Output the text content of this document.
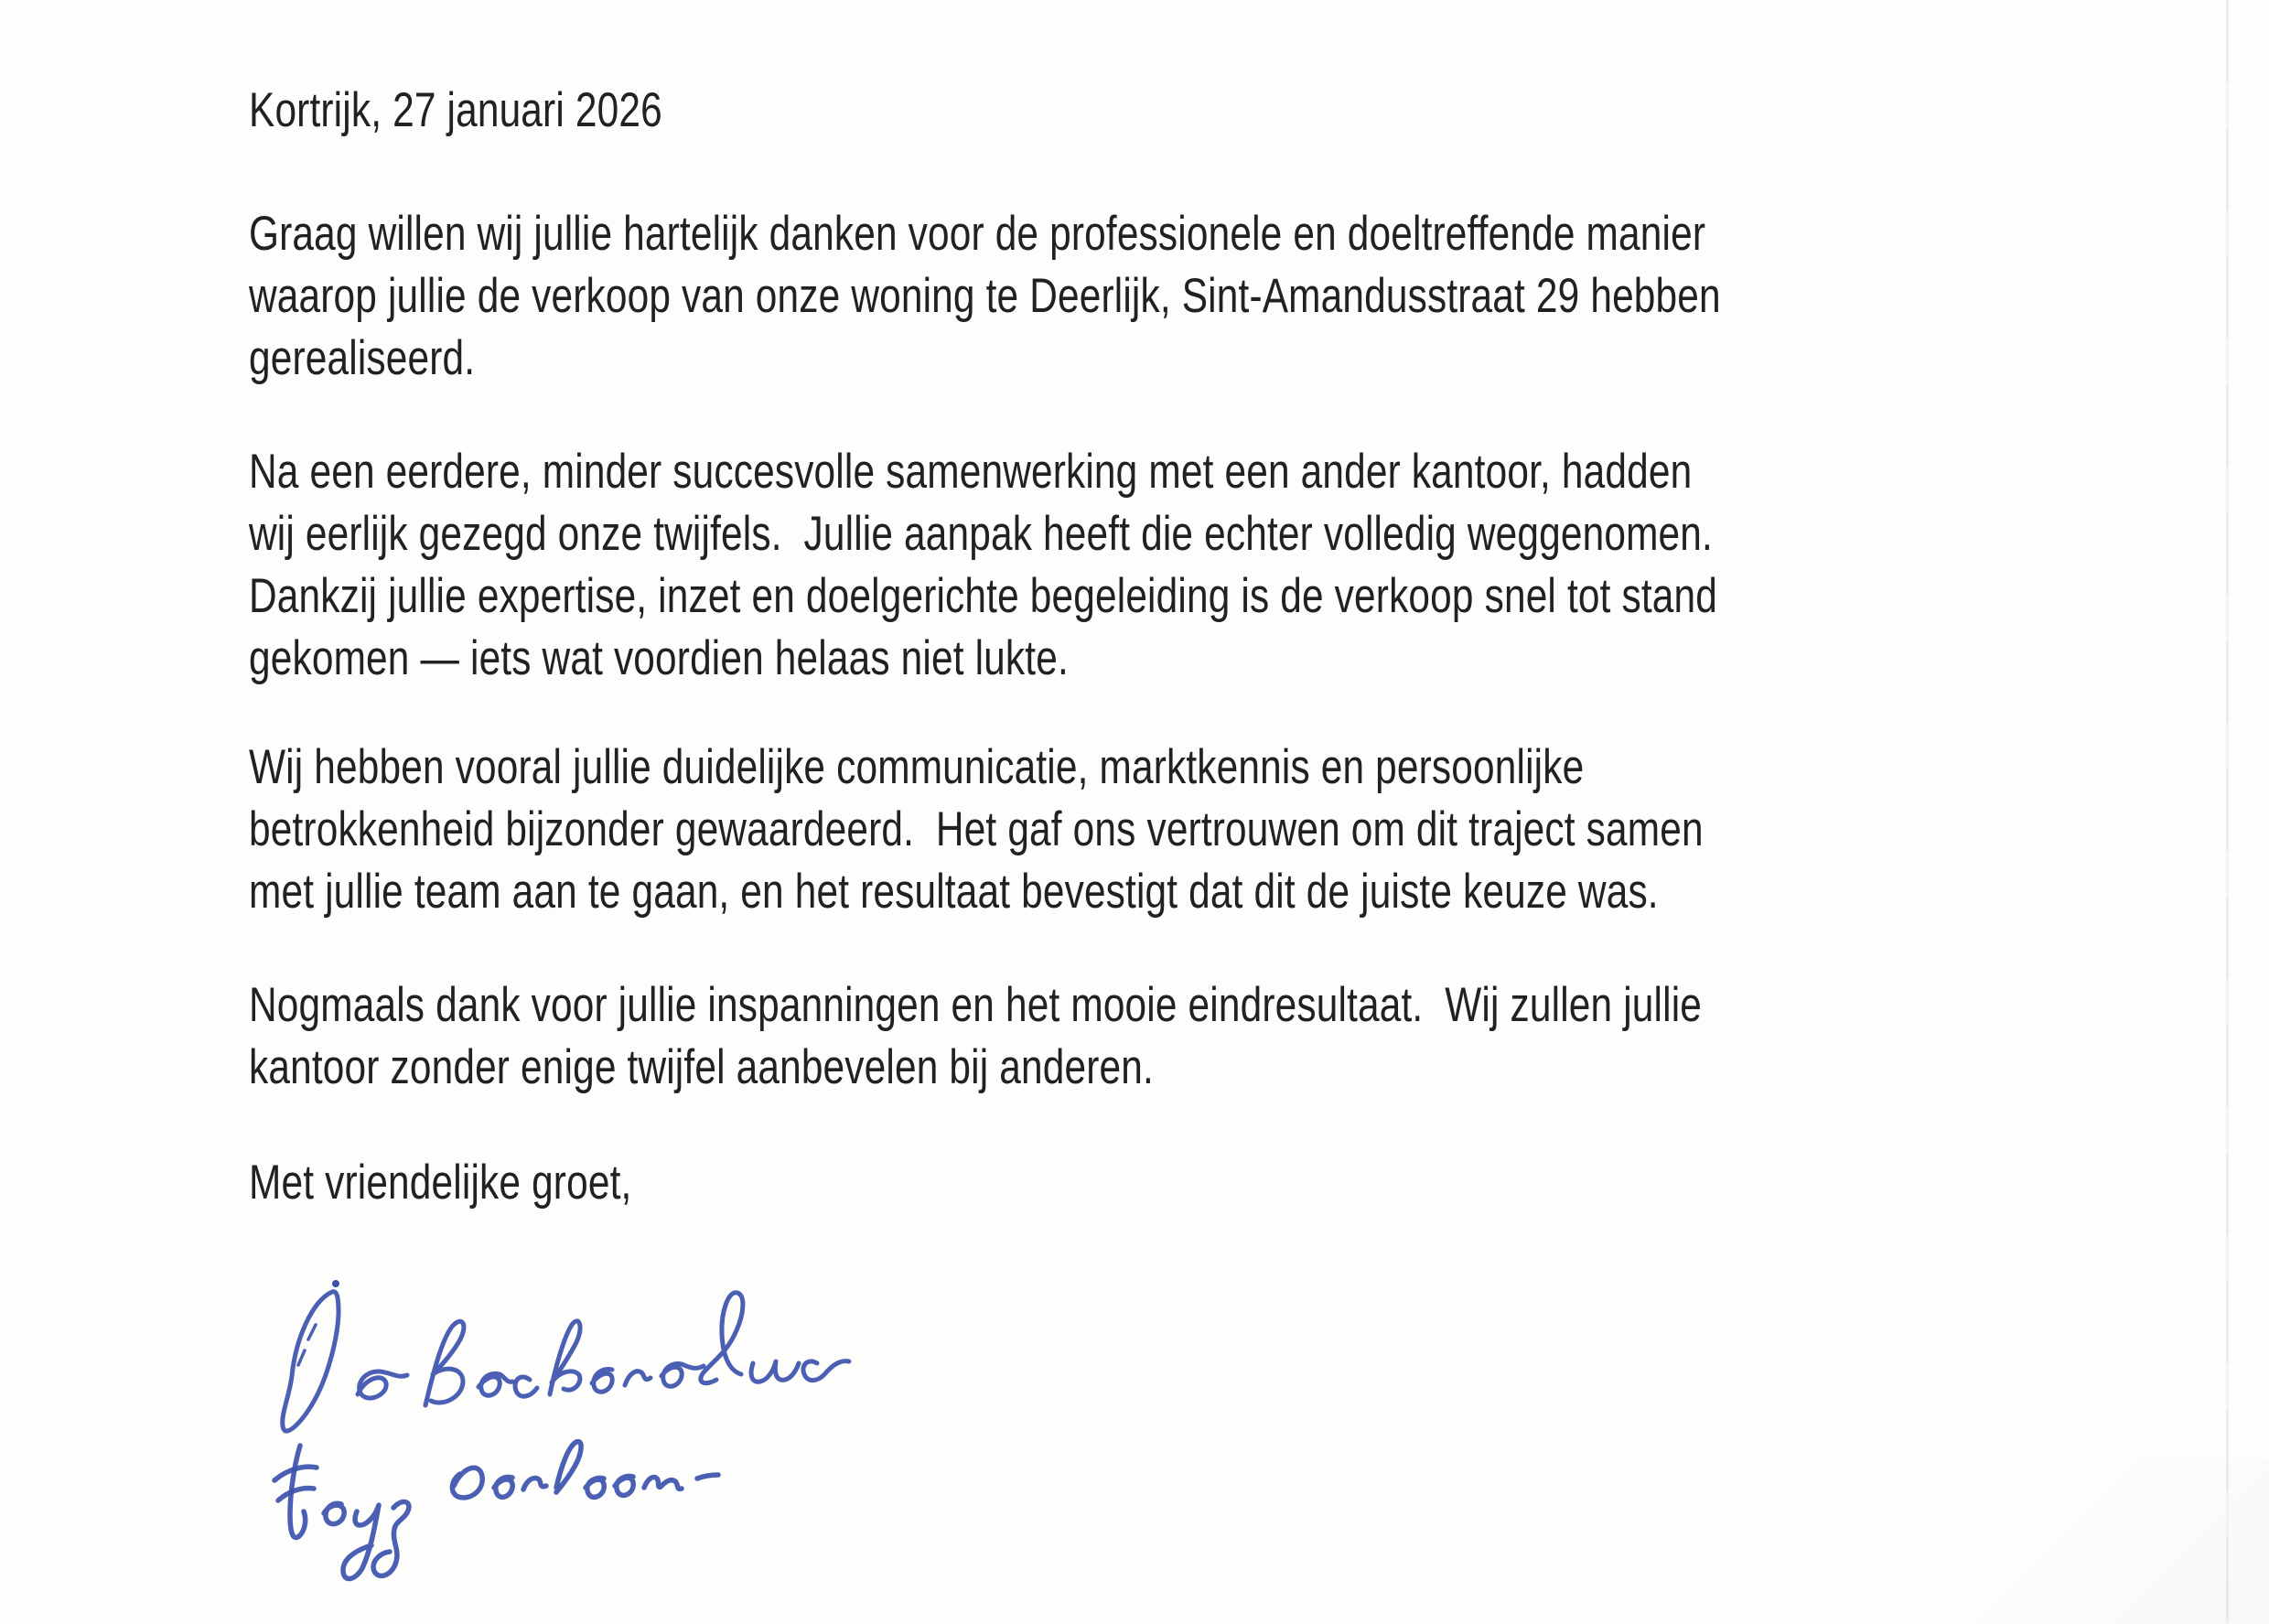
Kortrijk, 27 januari 2026
Graag willen wij jullie hartelijk danken voor de professionele en doeltreffende manier
waarop jullie de verkoop van onze woning te Deerlijk, Sint-Amandusstraat 29 hebben
gerealiseerd.
Na een eerdere, minder succesvolle samenwerking met een ander kantoor, hadden
wij eerlijk gezegd onze twijfels.  Jullie aanpak heeft die echter volledig weggenomen.
Dankzij jullie expertise, inzet en doelgerichte begeleiding is de verkoop snel tot stand
gekomen — iets wat voordien helaas niet lukte.
Wij hebben vooral jullie duidelijke communicatie, marktkennis en persoonlijke
betrokkenheid bijzonder gewaardeerd.  Het gaf ons vertrouwen om dit traject samen
met jullie team aan te gaan, en het resultaat bevestigt dat dit de juiste keuze was.
Nogmaals dank voor jullie inspanningen en het mooie eindresultaat.  Wij zullen jullie
kantoor zonder enige twijfel aanbevelen bij anderen.
Met vriendelijke groet,
